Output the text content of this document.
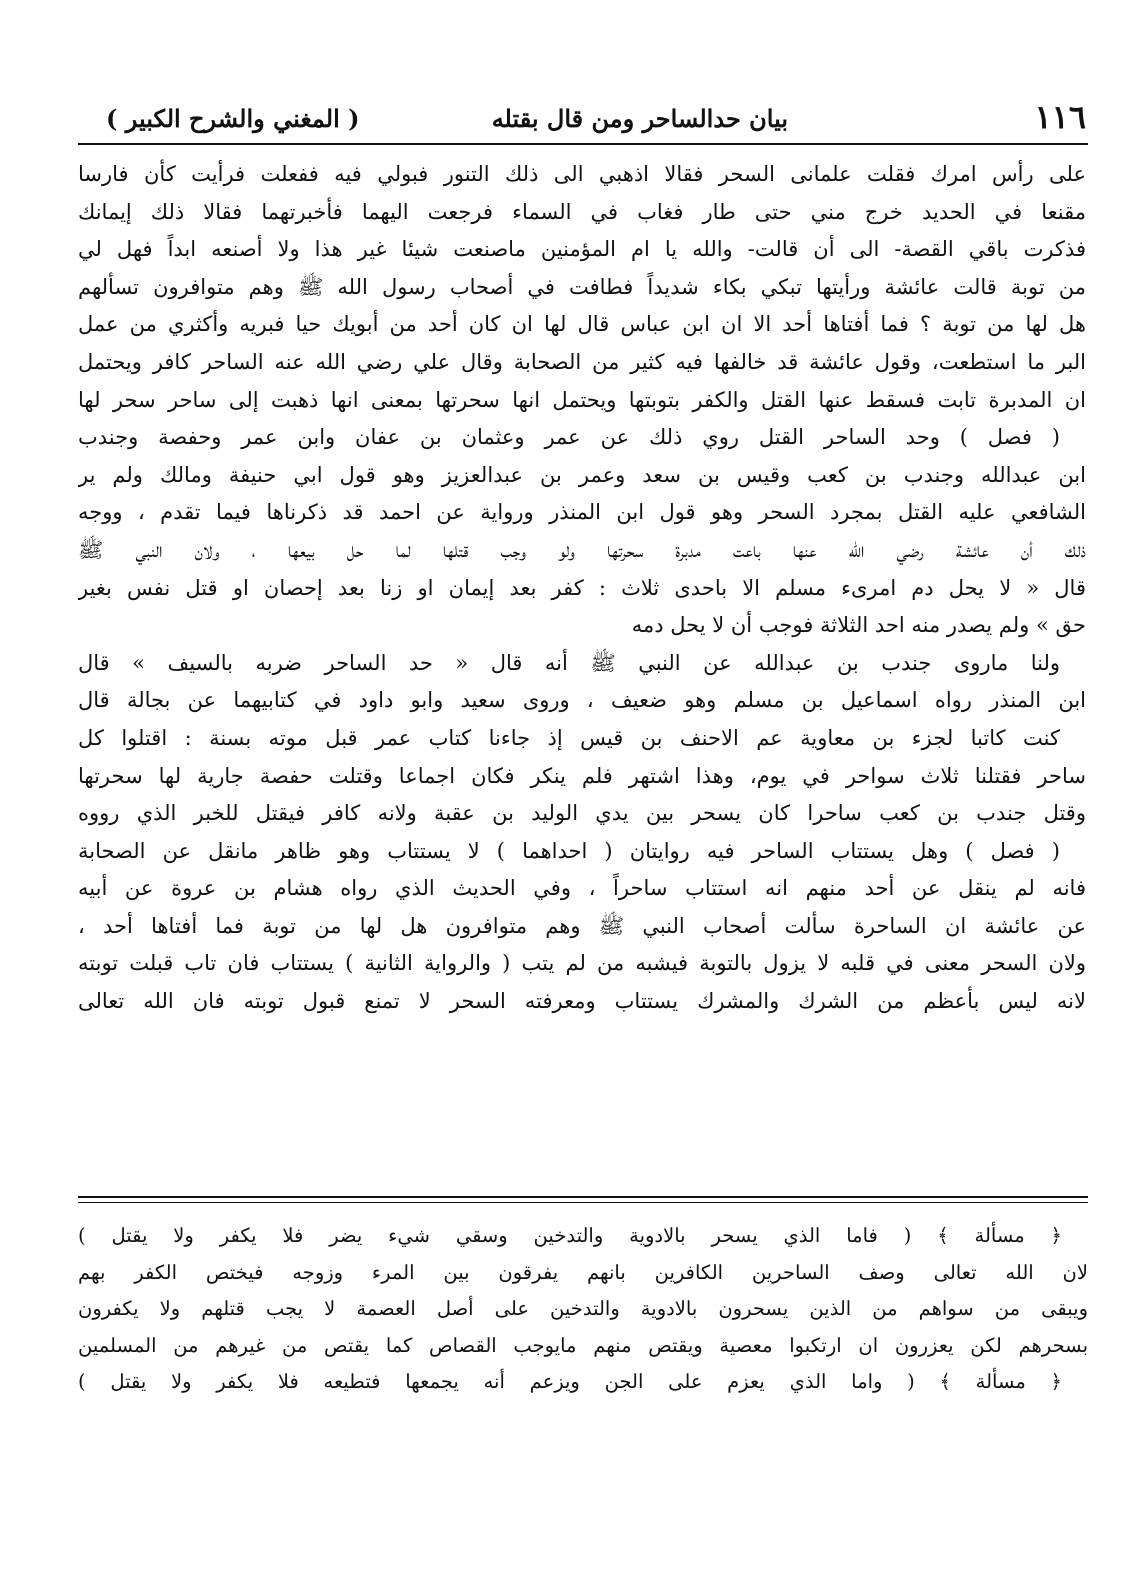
١١٦
بيان حدالساحر ومن قال بقتله
( المغني والشرح الكبير )
على رأس امرك فقلت علمانى السحر فقالا اذهبي الى ذلك التنور فبولي فيه ففعلت فرأيت كأن فارسا
مقنعا في الحديد خرج مني حتى طار فغاب في السماء فرجعت اليهما فأخبرتهما فقالا ذلك إيمانك
فذكرت باقي القصة- الى أن قالت- والله يا ام المؤمنين ماصنعت شيئا غير هذا ولا أصنعه ابداً فهل لي
من توبة قالت عائشة ورأيتها تبكي بكاء شديداً فطافت في أصحاب رسول الله ﷺ وهم متوافرون تسألهم
هل لها من توبة ؟ فما أفتاها أحد الا ان ابن عباس قال لها ان كان أحد من أبويك حيا فبريه وأكثري من عمل
البر ما استطعت، وقول عائشة قد خالفها فيه كثير من الصحابة وقال علي رضي الله عنه الساحر كافر ويحتمل
ان المدبرة تابت فسقط عنها القتل والكفر بتوبتها ويحتمل انها سحرتها بمعنى انها ذهبت إلى ساحر سحر لها
( فصل ) وحد الساحر القتل روي ذلك عن عمر وعثمان بن عفان وابن عمر وحفصة وجندب
ابن عبدالله وجندب بن كعب وقيس بن سعد وعمر بن عبدالعزيز وهو قول ابي حنيفة ومالك ولم ير
الشافعي عليه القتل بمجرد السحر وهو قول ابن المنذر ورواية عن احمد قد ذكرناها فيما تقدم ، ووجه
ذلك أن عائشة رضي الله عنها باعت مدبرة سحرتها ولو وجب قتلها لما حل بيعها ، ولان النبي ﷺ
قال « لا يحل دم امرىء مسلم الا باحدى ثلاث : كفر بعد إيمان او زنا بعد إحصان او قتل نفس بغير
حق » ولم يصدر منه احد الثلاثة فوجب أن لا يحل دمه
ولنا ماروى جندب بن عبدالله عن النبي ﷺ أنه قال « حد الساحر ضربه بالسيف » قال
ابن المنذر رواه اسماعيل بن مسلم وهو ضعيف ، وروى سعيد وابو داود في كتابيهما عن بجالة قال
كنت كاتبا لجزء بن معاوية عم الاحنف بن قيس إذ جاءنا كتاب عمر قبل موته بسنة : اقتلوا كل
ساحر فقتلنا ثلاث سواحر في يوم، وهذا اشتهر فلم ينكر فكان اجماعا وقتلت حفصة جارية لها سحرتها
وقتل جندب بن كعب ساحرا كان يسحر بين يدي الوليد بن عقبة ولانه كافر فيقتل للخبر الذي رووه
( فصل ) وهل يستتاب الساحر فيه روايتان ( احداهما ) لا يستتاب وهو ظاهر مانقل عن الصحابة
فانه لم ينقل عن أحد منهم انه استتاب ساحراً ، وفي الحديث الذي رواه هشام بن عروة عن أبيه
عن عائشة ان الساحرة سألت أصحاب النبي ﷺ وهم متوافرون هل لها من توبة فما أفتاها أحد ،
ولان السحر معنى في قلبه لا يزول بالتوبة فيشبه من لم يتب ( والرواية الثانية ) يستتاب فان تاب قبلت توبته
لانه ليس بأعظم من الشرك والمشرك يستتاب ومعرفته السحر لا تمنع قبول توبته فان الله تعالى
﴿ مسألة ﴾ ( فاما الذي يسحر بالادوية والتدخين وسقي شيء يضر فلا يكفر ولا يقتل )
لان الله تعالى وصف الساحرين الكافرين بانهم يفرقون بين المرء وزوجه فيختص الكفر بهم
ويبقى من سواهم من الذين يسحرون بالادوية والتدخين على أصل العصمة لا يجب قتلهم ولا يكفرون
بسحرهم لكن يعزرون ان ارتكبوا معصية ويقتص منهم مايوجب القصاص كما يقتص من غيرهم من المسلمين
﴿ مسألة ﴾ ( واما الذي يعزم على الجن ويزعم أنه يجمعها فتطيعه فلا يكفر ولا يقتل )
